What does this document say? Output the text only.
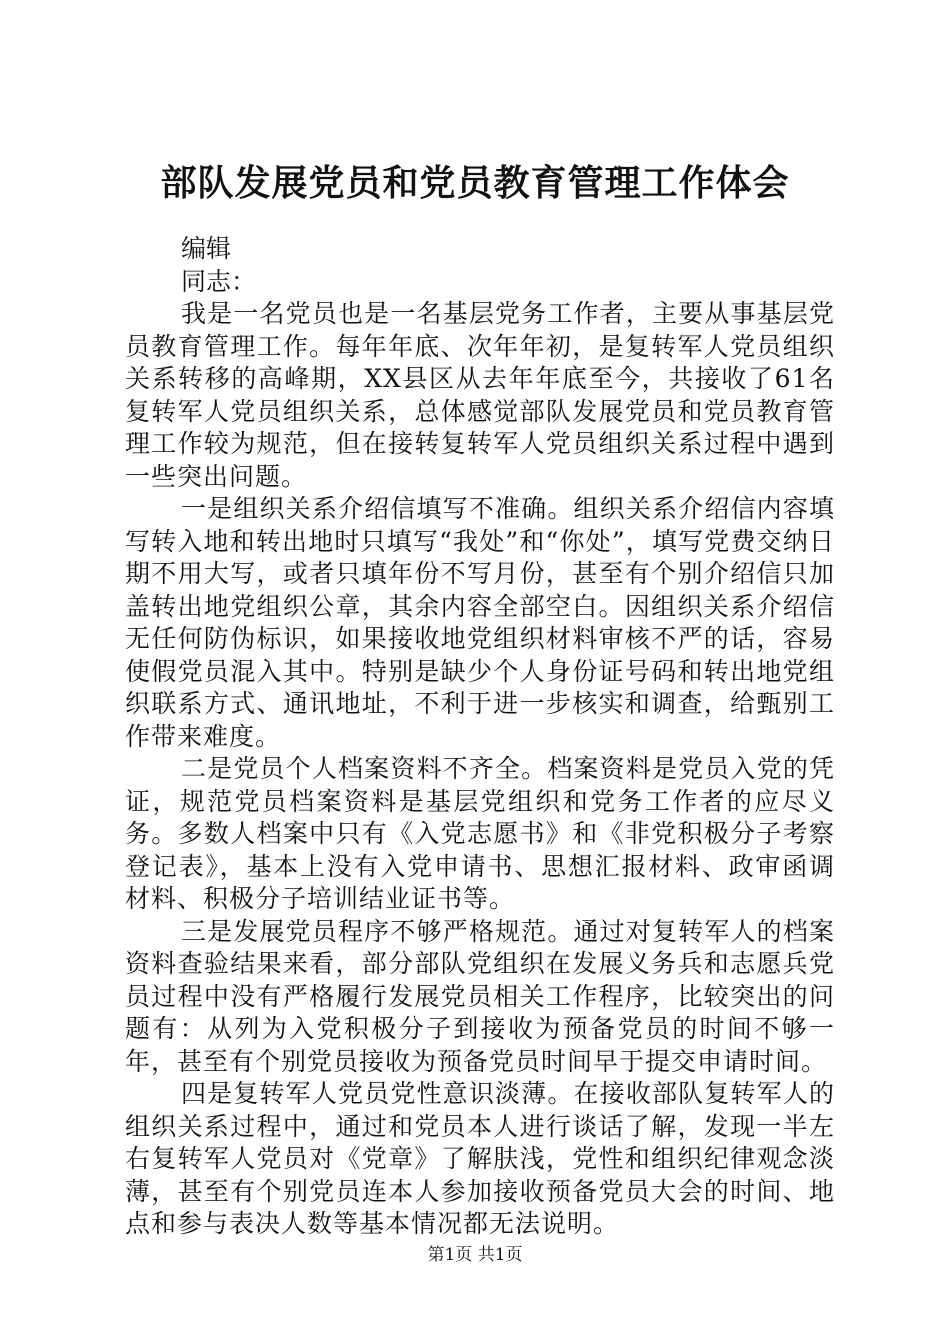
部队发展党员和党员教育管理工作体会

编辑

同志：

我是一名党员也是一名基层党务工作者，主要从事基层党员教育管理工作。每年年底、次年年初，是复转军人党员组织关系转移的高峰期，XX县区从去年年底至今，共接收了61名复转军人党员组织关系，总体感觉部队发展党员和党员教育管理工作较为规范，但在接转复转军人党员组织关系过程中遇到一些突出问题。

一是组织关系介绍信填写不准确。组织关系介绍信内容填写转入地和转出地时只填写“我处”和“你处”，填写党费交纳日期不用大写，或者只填年份不写月份，甚至有个别介绍信只加盖转出地党组织公章，其余内容全部空白。因组织关系介绍信无任何防伪标识，如果接收地党组织材料审核不严的话，容易使假党员混入其中。特别是缺少个人身份证号码和转出地党组织联系方式、通讯地址，不利于进一步核实和调查，给甄别工作带来难度。

二是党员个人档案资料不齐全。档案资料是党员入党的凭证，规范党员档案资料是基层党组织和党务工作者的应尽义务。多数人档案中只有《入党志愿书》和《非党积极分子考察登记表》，基本上没有入党申请书、思想汇报材料、政审函调材料、积极分子培训结业证书等。

三是发展党员程序不够严格规范。通过对复转军人的档案资料查验结果来看，部分部队党组织在发展义务兵和志愿兵党员过程中没有严格履行发展党员相关工作程序，比较突出的问题有：从列为入党积极分子到接收为预备党员的时间不够一年，甚至有个别党员接收为预备党员时间早于提交申请时间。

四是复转军人党员党性意识淡薄。在接收部队复转军人的组织关系过程中，通过和党员本人进行谈话了解，发现一半左右复转军人党员对《党章》了解肤浅，党性和组织纪律观念淡薄，甚至有个别党员连本人参加接收预备党员大会的时间、地点和参与表决人数等基本情况都无法说明。

第1页 共1页
